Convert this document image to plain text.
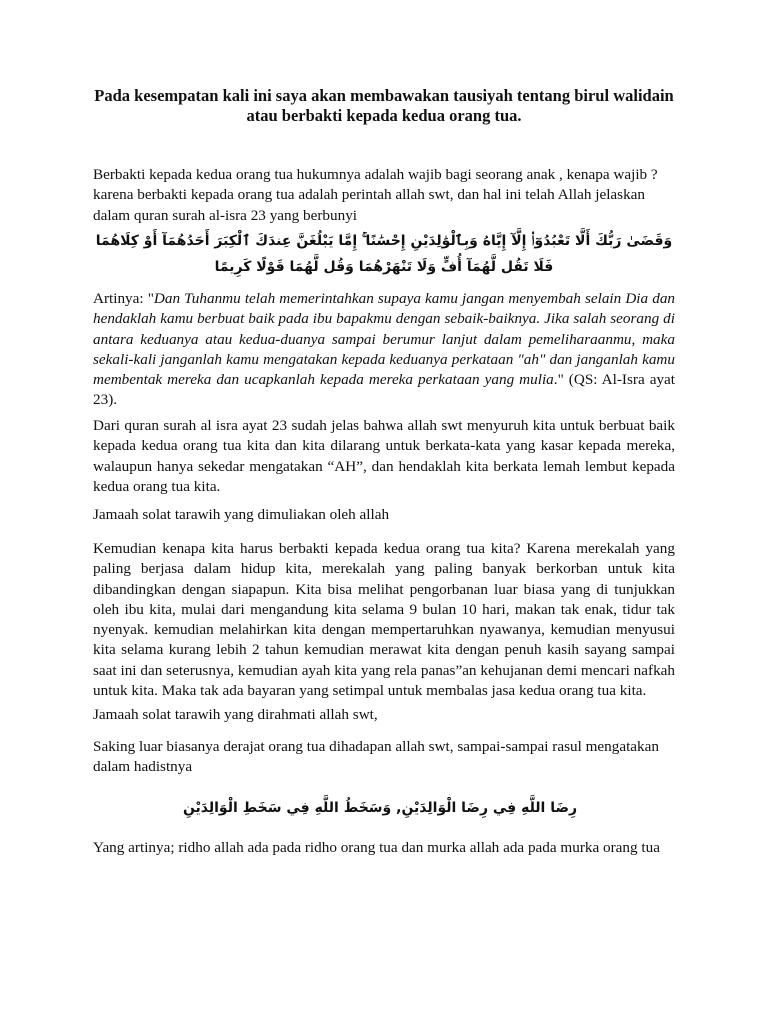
Pada kesempatan kali ini saya akan membawakan tausiyah tentang birul walidain atau berbakti kepada kedua orang tua.

Berbakti kepada kedua orang tua hukumnya adalah wajib bagi seorang anak , kenapa wajib ? karena berbakti kepada orang tua adalah perintah allah swt, dan hal ini telah Allah jelaskan dalam quran surah al-isra 23 yang berbunyi

وَقَضَىٰ رَبُّكَ أَلَّا تَعْبُدُوٓا۟ إِلَّآ إِيَّاهُ وَبِٱلْوَٰلِدَيْنِ إِحْسَٰنًا ۚ إِمَّا يَبْلُغَنَّ عِندَكَ ٱلْكِبَرَ أَحَدُهُمَآ أَوْ كِلَاهُمَا فَلَا تَقُل لَّهُمَآ أُفٍّ وَلَا تَنْهَرْهُمَا وَقُل لَّهُمَا قَوْلًا كَرِيمًا

Artinya: "Dan Tuhanmu telah memerintahkan supaya kamu jangan menyembah selain Dia dan hendaklah kamu berbuat baik pada ibu bapakmu dengan sebaik-baiknya. Jika salah seorang di antara keduanya atau kedua-duanya sampai berumur lanjut dalam pemeliharaanmu, maka sekali-kali janganlah kamu mengatakan kepada keduanya perkataan "ah" dan janganlah kamu membentak mereka dan ucapkanlah kepada mereka perkataan yang mulia." (QS: Al-Isra ayat 23).

Dari quran surah al isra ayat 23 sudah jelas bahwa allah swt menyuruh kita untuk berbuat baik kepada kedua orang tua kita dan kita dilarang untuk berkata-kata yang kasar kepada mereka, walaupun hanya sekedar mengatakan “AH”, dan hendaklah kita berkata lemah lembut kepada kedua orang tua kita.

Jamaah solat tarawih yang dimuliakan oleh allah

Kemudian kenapa kita harus berbakti kepada kedua orang tua kita? Karena merekalah yang paling berjasa dalam hidup kita, merekalah yang paling banyak berkorban untuk kita dibandingkan dengan siapapun. Kita bisa melihat pengorbanan luar biasa yang di tunjukkan oleh ibu kita, mulai dari mengandung kita selama 9 bulan 10 hari, makan tak enak, tidur tak nyenyak. kemudian melahirkan kita dengan mempertaruhkan nyawanya, kemudian menyusui kita selama kurang lebih 2 tahun kemudian merawat kita dengan penuh kasih sayang sampai saat ini dan seterusnya, kemudian ayah kita yang rela panas”an kehujanan demi mencari nafkah untuk kita. Maka tak ada bayaran yang setimpal untuk membalas jasa kedua orang tua kita.

Jamaah solat tarawih yang dirahmati allah swt,

Saking luar biasanya derajat orang tua dihadapan allah swt, sampai-sampai rasul mengatakan dalam hadistnya

رِضَا اللَّهِ فِي رِضَا الْوَالِدَيْنِ, وَسَخَطُ اللَّهِ فِي سَخَطِ الْوَالِدَيْنِ

Yang artinya; ridho allah ada pada ridho orang tua dan murka allah ada pada murka orang tua
